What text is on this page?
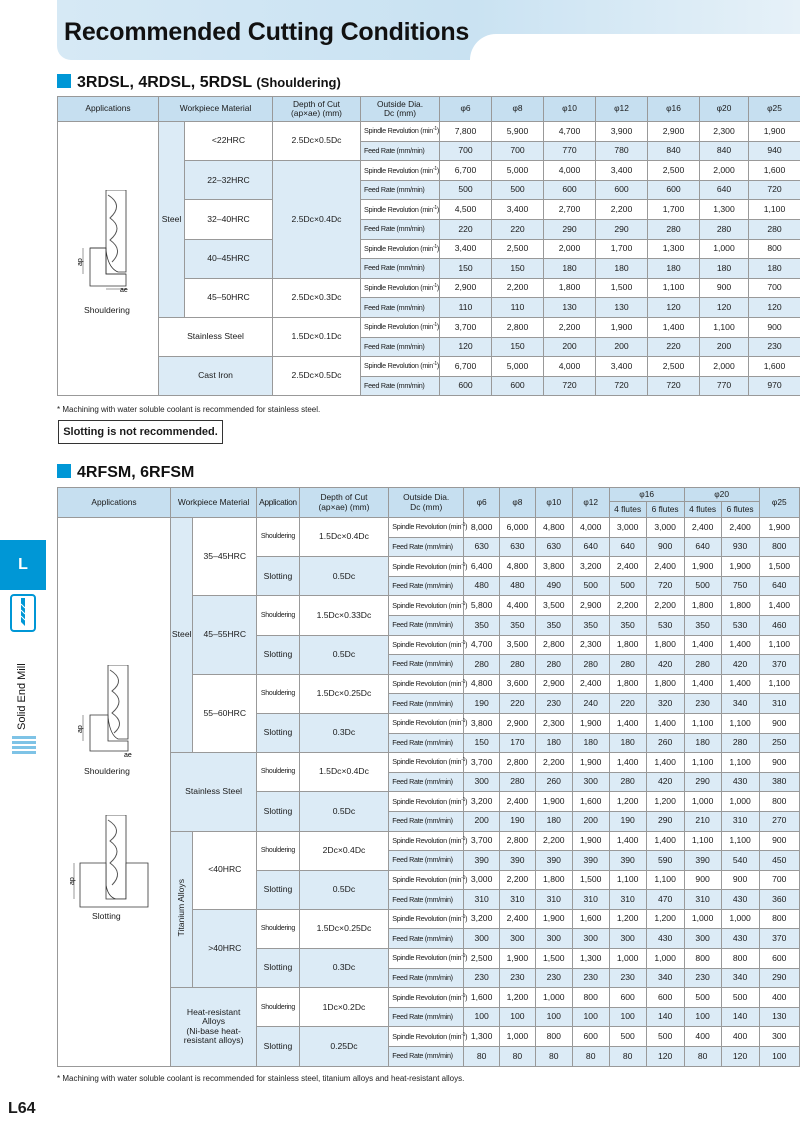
Recommended Cutting Conditions
3RDSL, 4RDSL, 5RDSL (Shouldering)
Applications	Workpiece Material		Depth of Cut
(ap×ae) (mm)	Outside Dia.
Dc (mm)	φ6	φ8	φ10	φ12	φ16	φ20	φ25
	Steel	<22HRC	2.5Dc×0.5Dc	Spindle Revolution $(\min^{-1})$	7,800	5,900	4,700	3,900	2,900	2,300	1,900
				Feed Rate (mm/min)	700	700	770	780	840	840	940
		22–32HRC	2.5Dc×0.4Dc	Spindle Revolution $(\min^{-1})$	6,700	5,000	4,000	3,400	2,500	2,000	1,600
				Feed Rate (mm/min)	500	500	600	600	600	640	720
		32–40HRC		Spindle Revolution $(\min^{-1})$	4,500	3,400	2,700	2,200	1,700	1,300	1,100
				Feed Rate (mm/min)	220	220	290	290	280	280	280
		40–45HRC		Spindle Revolution $(\min^{-1})$	3,400	2,500	2,000	1,700	1,300	1,000	800
				Feed Rate (mm/min)	150	150	180	180	180	180	180
		45–50HRC	2.5Dc×0.3Dc	Spindle Revolution $(\min^{-1})$	2,900	2,200	1,800	1,500	1,100	900	700
				Feed Rate (mm/min)	110	110	130	130	120	120	120
	Stainless Steel		1.5Dc×0.1Dc	Spindle Revolution $(\min^{-1})$	3,700	2,800	2,200	1,900	1,400	1,100	900
				Feed Rate (mm/min)	120	150	200	200	220	200	230
	Cast Iron		2.5Dc×0.5Dc	Spindle Revolution $(\min^{-1})$	6,700	5,000	4,000	3,400	2,500	2,000	1,600
				Feed Rate (mm/min)	600	600	720	720	720	770	970
* Machining with water soluble coolant is recommended for stainless steel.
Slotting is not recommended.
4RFSM, 6RFSM
Applications	Workpiece Material		Application	Depth of Cut
(ap×ae) (mm)	Outside Dia.
Dc (mm)	φ6	φ8	φ10	φ12	φ16		φ20		φ25
										4 flutes	6 flutes	4 flutes	6 flutes	
	Steel	35–45HRC	Shouldering	1.5Dc×0.4Dc	Spindle Revolution $(\min^{-1})$	8,000	6,000	4,800	4,000	3,000	3,000	2,400	2,400	1,900
					Feed Rate (mm/min)	630	630	630	640	640	900	640	930	800
			Slotting	0.5Dc	Spindle Revolution $(\min^{-1})$	6,400	4,800	3,800	3,200	2,400	2,400	1,900	1,900	1,500
					Feed Rate (mm/min)	480	480	490	500	500	720	500	750	640
		45–55HRC	Shouldering	1.5Dc×0.33Dc	Spindle Revolution $(\min^{-1})$	5,800	4,400	3,500	2,900	2,200	2,200	1,800	1,800	1,400
					Feed Rate (mm/min)	350	350	350	350	350	530	350	530	460
			Slotting	0.5Dc	Spindle Revolution $(\min^{-1})$	4,700	3,500	2,800	2,300	1,800	1,800	1,400	1,400	1,100
					Feed Rate (mm/min)	280	280	280	280	280	420	280	420	370
		55–60HRC	Shouldering	1.5Dc×0.25Dc	Spindle Revolution $(\min^{-1})$	4,800	3,600	2,900	2,400	1,800	1,800	1,400	1,400	1,100
					Feed Rate (mm/min)	190	220	230	240	220	320	230	340	310
			Slotting	0.3Dc	Spindle Revolution $(\min^{-1})$	3,800	2,900	2,300	1,900	1,400	1,400	1,100	1,100	900
					Feed Rate (mm/min)	150	170	180	180	180	260	180	280	250
	Stainless Steel		Shouldering	1.5Dc×0.4Dc	Spindle Revolution $(\min^{-1})$	3,700	2,800	2,200	1,900	1,400	1,400	1,100	1,100	900
					Feed Rate (mm/min)	300	280	260	300	280	420	290	430	380
			Slotting	0.5Dc	Spindle Revolution $(\min^{-1})$	3,200	2,400	1,900	1,600	1,200	1,200	1,000	1,000	800
					Feed Rate (mm/min)	200	190	180	200	190	290	210	310	270
	Titanium Alloys	<40HRC	Shouldering	2Dc×0.4Dc	Spindle Revolution $(\min^{-1})$	3,700	2,800	2,200	1,900	1,400	1,400	1,100	1,100	900
					Feed Rate (mm/min)	390	390	390	390	390	590	390	540	450
			Slotting	0.5Dc	Spindle Revolution $(\min^{-1})$	3,000	2,200	1,800	1,500	1,100	1,100	900	900	700
					Feed Rate (mm/min)	310	310	310	310	310	470	310	430	360
		>40HRC	Shouldering	1.5Dc×0.25Dc	Spindle Revolution $(\min^{-1})$	3,200	2,400	1,900	1,600	1,200	1,200	1,000	1,000	800
					Feed Rate (mm/min)	300	300	300	300	300	430	300	430	370
			Slotting	0.3Dc	Spindle Revolution $(\min^{-1})$	2,500	1,900	1,500	1,300	1,000	1,000	800	800	600
					Feed Rate (mm/min)	230	230	230	230	230	340	230	340	290
	Heat-resistant
Alloys
(Ni-base heat-
resistant alloys)		Shouldering	1Dc×0.2Dc	Spindle Revolution $(\min^{-1})$	1,600	1,200	1,000	800	600	600	500	500	400
					Feed Rate (mm/min)	100	100	100	100	100	140	100	140	130
			Slotting	0.25Dc	Spindle Revolution $(\min^{-1})$	1,300	1,000	800	600	500	500	400	400	300
					Feed Rate (mm/min)	80	80	80	80	80	120	80	120	100
* Machining with water soluble coolant is recommended for stainless steel, titanium alloys and heat-resistant alloys.
ap
ae
Shouldering
ap
ae
Shouldering
ap
Slotting
L
Solid End Mill
L64
